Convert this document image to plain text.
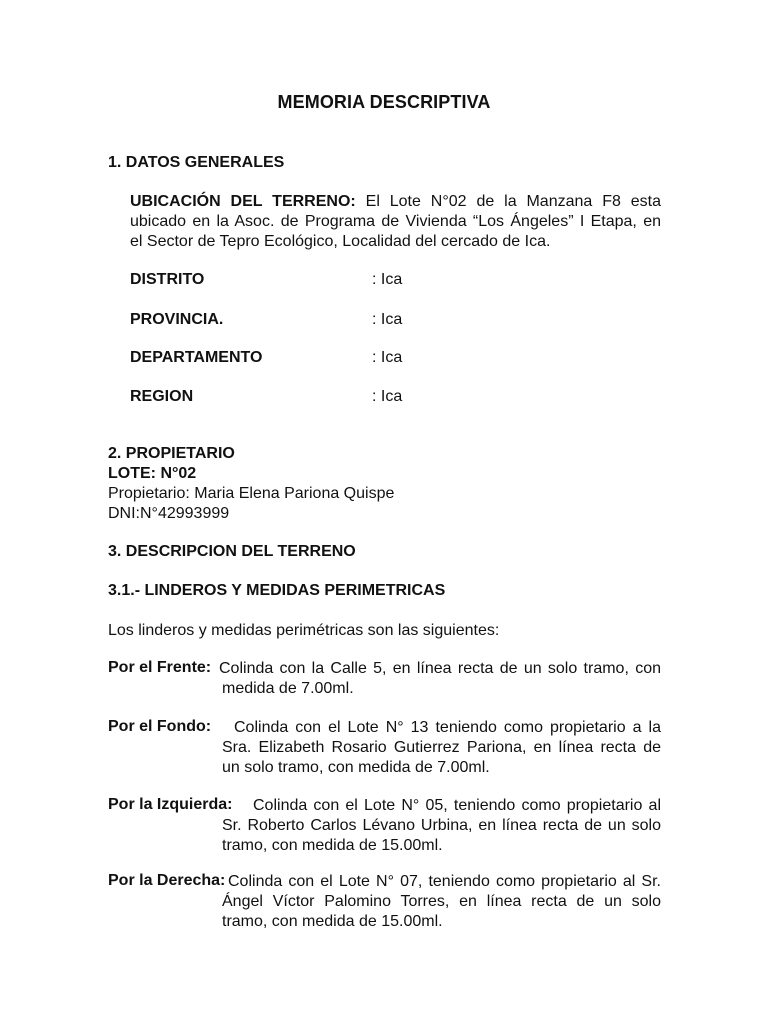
MEMORIA DESCRIPTIVA
1. DATOS GENERALES
UBICACIÓN DEL TERRENO: El Lote N°02 de la Manzana F8 esta
ubicado en la Asoc. de Programa de Vivienda “Los Ángeles” I Etapa, en
el Sector de Tepro Ecológico, Localidad del cercado de Ica.
DISTRITO	: Ica
PROVINCIA.	: Ica
DEPARTAMENTO	: Ica
REGION	: Ica
2. PROPIETARIO
LOTE: N°02
Propietario: Maria Elena Pariona Quispe
DNI:N°42993999
3. DESCRIPCION DEL TERRENO
3.1.- LINDEROS Y MEDIDAS PERIMETRICAS
Los linderos y medidas perimétricas son las siguientes:
Por el Frente: Colinda con la Calle 5, en línea recta de un solo tramo, con
medida de 7.00ml.
Por el Fondo:	Colinda con el Lote N° 13 teniendo como propietario a la
Sra. Elizabeth Rosario Gutierrez Pariona, en línea recta de
un solo tramo, con medida de 7.00ml.
Por la Izquierda:	Colinda con el Lote N° 05, teniendo como propietario al
Sr. Roberto Carlos Lévano Urbina, en línea recta de un solo
tramo, con medida de 15.00ml.
Por la Derecha: Colinda con el Lote N° 07, teniendo como propietario al Sr.
Ángel Víctor Palomino Torres, en línea recta de un solo
tramo, con medida de 15.00ml.
